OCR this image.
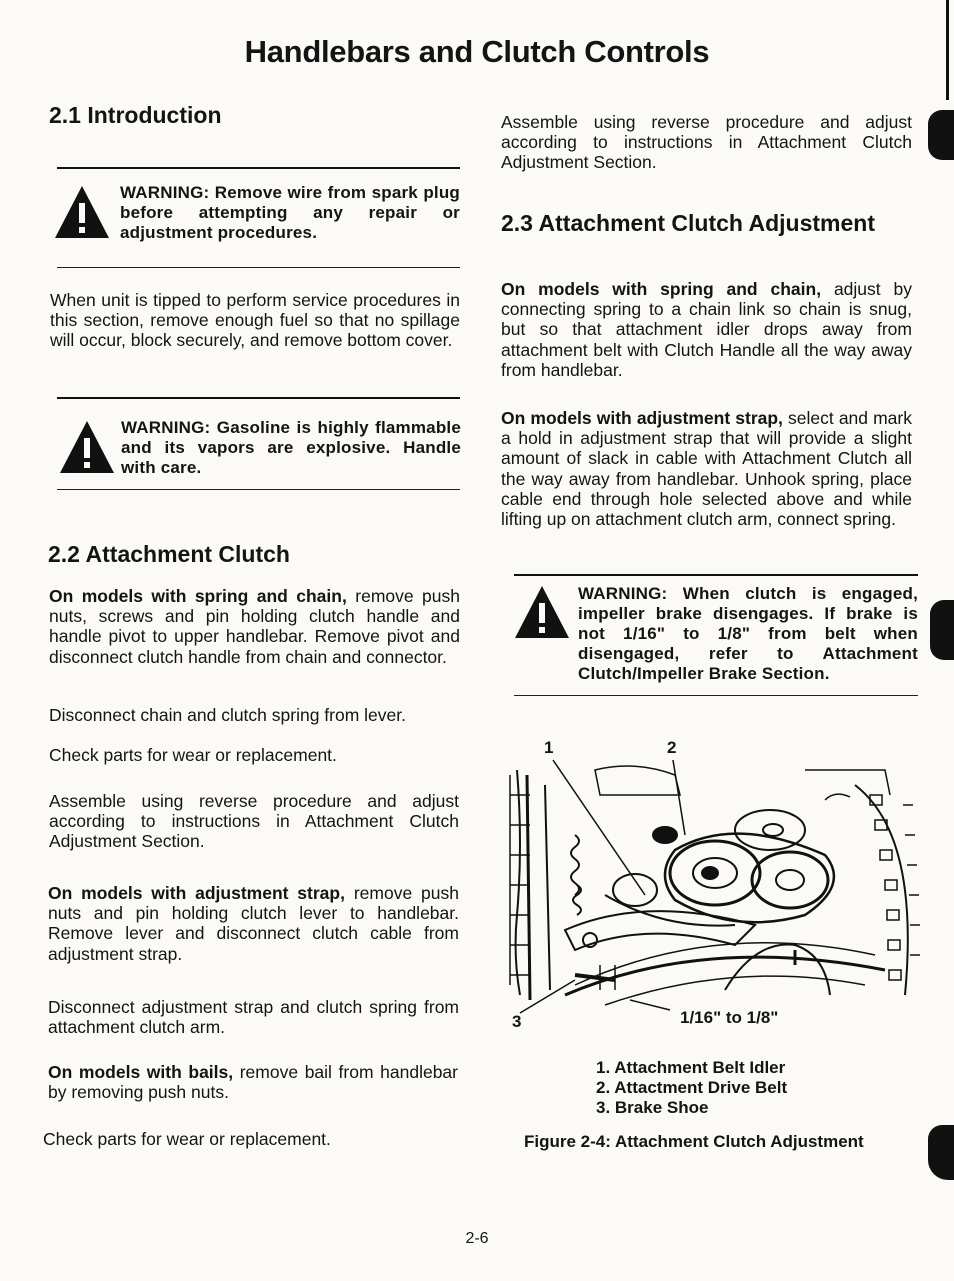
Handlebars and Clutch Controls
2.1 Introduction
WARNING: Remove wire from spark plug before attempting any repair or adjustment procedures.
When unit is tipped to perform service procedures in this section, remove enough fuel so that no spillage will occur, block securely, and remove bottom cover.
WARNING: Gasoline is highly flammable and its vapors are explosive. Handle with care.
2.2 Attachment Clutch
On models with spring and chain, remove push nuts, screws and pin holding clutch handle and handle pivot to upper handlebar. Remove pivot and disconnect clutch handle from chain and connector.
Disconnect chain and clutch spring from lever.
Check parts for wear or replacement.
Assemble using reverse procedure and adjust according to instructions in Attachment Clutch Adjustment Section.
On models with adjustment strap, remove push nuts and pin holding clutch lever to handlebar. Remove lever and disconnect clutch cable from adjustment strap.
Disconnect adjustment strap and clutch spring from attachment clutch arm.
On models with bails, remove bail from handlebar by removing push nuts.
Check parts for wear or replacement.
Assemble using reverse procedure and adjust according to instructions in Attachment Clutch Adjustment Section.
2.3 Attachment Clutch Adjustment
On models with spring and chain, adjust by connecting spring to a chain link so chain is snug, but so that attachment idler drops away from attachment belt with Clutch Handle all the way away from handlebar.
On models with adjustment strap, select and mark a hold in adjustment strap that will provide a slight amount of slack in cable with Attachment Clutch all the way away from handlebar. Unhook spring, place cable end through hole selected above and while lifting up on attachment clutch arm, connect spring.
WARNING: When clutch is engaged, impeller brake disengages. If brake is not 1/16" to 1/8" from belt when disengaged, refer to Attachment Clutch/Impeller Brake Section.
1	2
3	1/16" to 1/8"
1. Attachment Belt Idler
2. Attactment Drive Belt
3. Brake Shoe
Figure 2-4: Attachment Clutch Adjustment
2-6
